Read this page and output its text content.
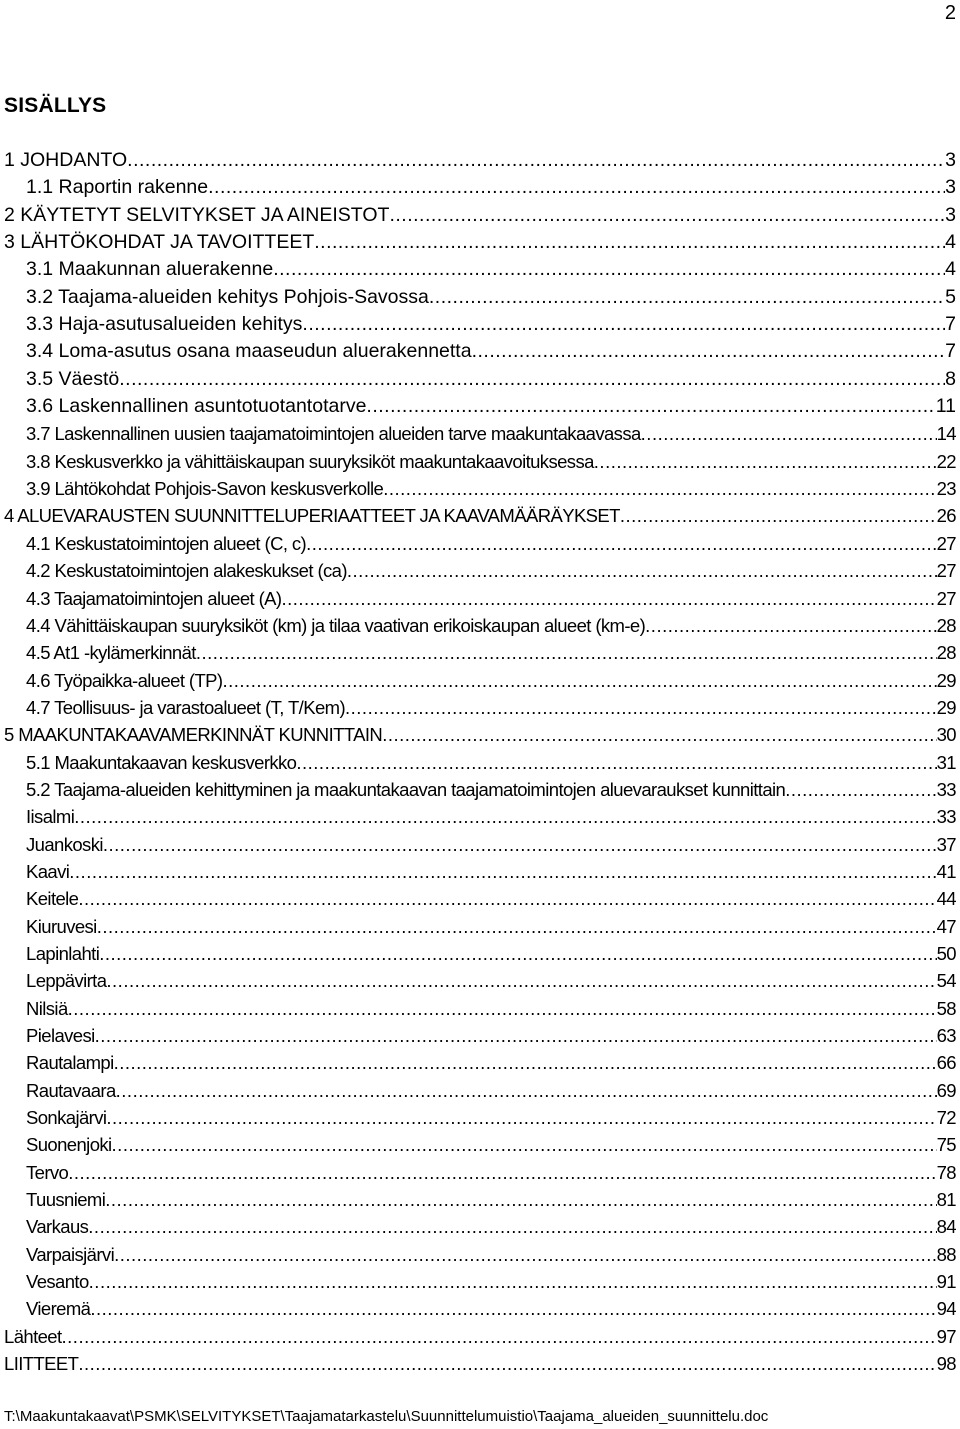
2
SISÄLLYS
1 JOHDANTO .....	3
1.1 Raportin rakenne .....	3
2 KÄYTETYT SELVITYKSET JA AINEISTOT .....	3
3 LÄHTÖKOHDAT JA TAVOITTEET .....	4
3.1 Maakunnan aluerakenne .....	4
3.2 Taajama-alueiden kehitys Pohjois-Savossa .....	5
3.3 Haja-asutusalueiden kehitys .....	7
3.4 Loma-asutus osana maaseudun aluerakennetta .....	7
3.5 Väestö .....	8
3.6 Laskennallinen asuntotuotantotarve .....	11
3.7 Laskennallinen uusien taajamatoimintojen alueiden tarve maakuntakaavassa .....	14
3.8 Keskusverkko ja vähittäiskaupan suuryksiköt maakuntakaavoituksessa .....	22
3.9 Lähtökohdat Pohjois-Savon keskusverkolle .....	23
4 ALUEVARAUSTEN SUUNNITTELUPERIAATTEET JA KAAVAMÄÄRÄYKSET .....	26
4.1 Keskustatoimintojen alueet (C, c) .....	27
4.2 Keskustatoimintojen alakeskukset (ca) .....	27
4.3 Taajamatoimintojen alueet (A) .....	27
4.4 Vähittäiskaupan suuryksiköt (km) ja tilaa vaativan erikoiskaupan alueet (km-e) .....	28
4.5 At1 -kylämerkinnät .....	28
4.6 Työpaikka-alueet (TP) .....	29
4.7 Teollisuus- ja varastoalueet (T, T/Kem) .....	29
5 MAAKUNTAKAAVAMERKINNÄT KUNNITTAIN .....	30
5.1 Maakuntakaavan keskusverkko .....	31
5.2 Taajama-alueiden kehittyminen ja maakuntakaavan taajamatoimintojen aluevaraukset kunnittain .....	33
Iisalmi .....	33
Juankoski .....	37
Kaavi .....	41
Keitele .....	44
Kiuruvesi .....	47
Lapinlahti .....	50
Leppävirta .....	54
Nilsiä .....	58
Pielavesi .....	63
Rautalampi .....	66
Rautavaara .....	69
Sonkajärvi .....	72
Suonenjoki .....	75
Tervo .....	78
Tuusniemi .....	81
Varkaus .....	84
Varpaisjärvi .....	88
Vesanto .....	91
Vieremä .....	94
Lähteet .....	97
LIITTEET .....	98
T:\Maakuntakaavat\PSMK\SELVITYKSET\Taajamatarkastelu\Suunnittelumuistio\Taajama_alueiden_suunnittelu.doc
